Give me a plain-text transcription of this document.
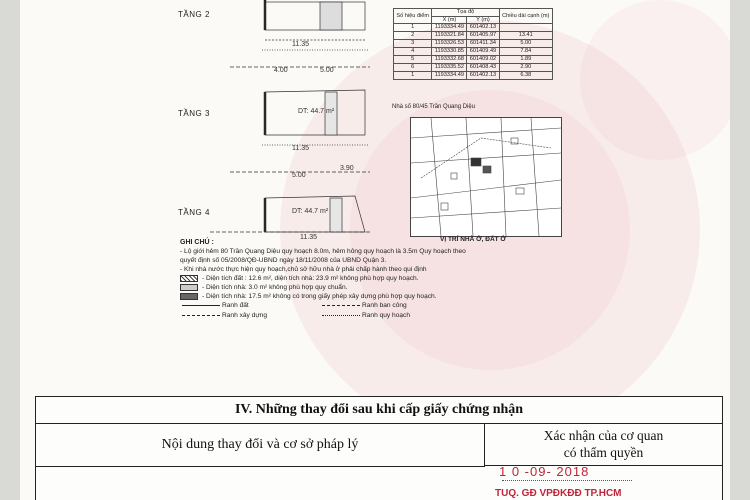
TẦNG 2
11.35
4.00	5.00
TẦNG 3	DT: 44.7 m²
11.35
5.00
3.90
TẦNG 4	DT: 44.7 m²
11.35
Số hiệu điểm	Tọa độ		Chiều dài cạnh (m)
	X (m)	Y (m)	
1	1193334.49	601402.13	
2	1193321.84	601405.97	13.41
3	1193326.53	601411.34	5.00
4	1193330.85	601409.49	7.84
5	1193332.68	601409.02	1.89
6	1193335.52	601408.43	2.90
1	1193334.49	601402.13	6.38
Nhà số 80/45 Trần Quang Diệu
VỊ TRÍ NHÀ Ở, ĐẤT Ở
GHI CHÚ :
- Lộ giới hẻm 80 Trần Quang Diệu quy hoạch 8.0m, hẻm hông quy hoạch là 3.5m Quy hoạch theo
quyết định số 05/2008/QĐ-UBND ngày 18/11/2008 của UBND Quận 3.
- Khi nhà nước thực hiện quy hoạch,chủ sở hữu nhà ở phải chấp hành theo qui định
- Diện tích đất : 12.6 m², diện tích nhà: 23.9 m² không phù hợp quy hoạch.
- Diện tích nhà: 3.0 m² không phù hợp quy chuẩn.
- Diện tích nhà: 17.5 m² không có trong giấy phép xây dựng phù hợp quy hoạch.
Ranh đất	Ranh ban công
Ranh xây dựng	Ranh quy hoạch
IV. Những thay đổi sau khi cấp giấy chứng nhận
Nội dung thay đổi và cơ sở pháp lý
Xác nhận của cơ quan
có thẩm quyền
1 0 -09- 2018
TUQ. GĐ VPĐKĐĐ TP.HCM
